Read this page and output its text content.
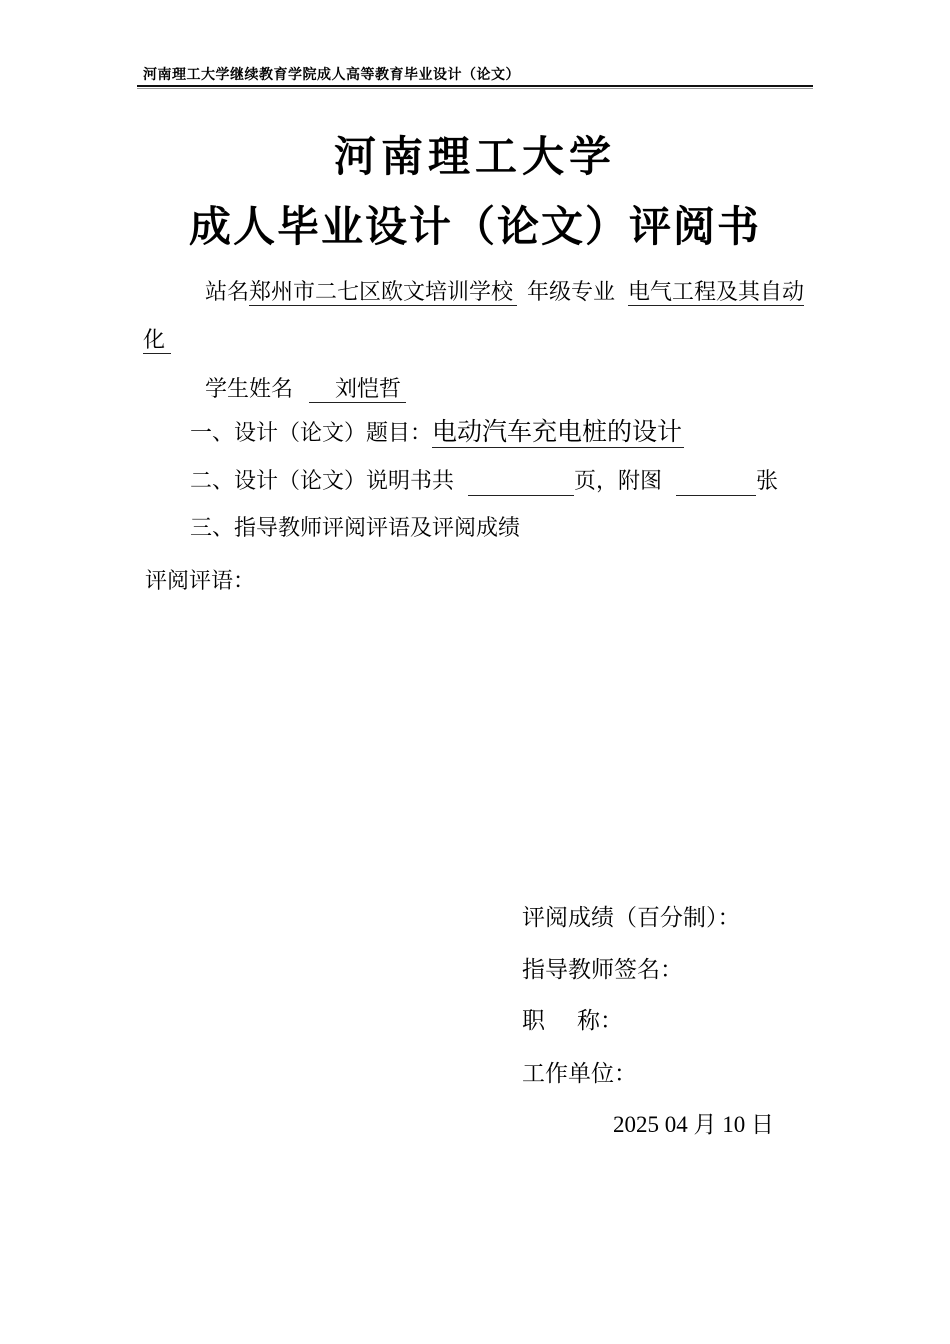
河南理工大学继续教育学院成人高等教育毕业设计（论文）
河南理工大学
成人毕业设计（论文）评阅书
站名郑州市二七区欧文培训学校 年级专业 电气工程及其自动
化
学生姓名 刘恺哲
一、设计（论文）题目：电动汽车充电桩的设计
二、设计（论文）说明书共	页，附图	张
三、指导教师评阅评语及评阅成绩
评阅评语：
评阅成绩（百分制）：
指导教师签名：
职 称：
工作单位：
2025 04 月 10 日
